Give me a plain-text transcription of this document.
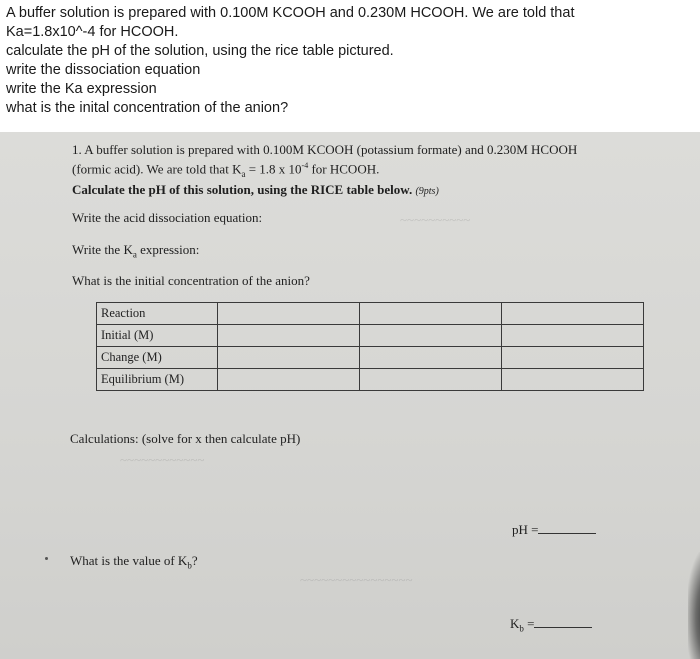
A buffer solution is prepared with 0.100M KCOOH and 0.230M HCOOH. We are told that
Ka=1.8x10^-4 for HCOOH.
calculate the pH of the solution, using the rice table pictured.
write the dissociation equation
write the Ka expression
what is the inital concentration of the anion?
~~~~~~~~~~
~~~~~~~~~~~~
~~~~~~~~~~~~~~~~
1. A buffer solution is prepared with 0.100M KCOOH (potassium formate) and 0.230M HCOOH
(formic acid). We are told that $K_a = 1.8$ x $10^{-4}$ for HCOOH.
Calculate the pH of this solution, using the RICE table below. (9pts)
Write the acid dissociation equation:
Write the $K_a$ expression:
What is the initial concentration of the anion?
Reaction			
Initial (M)			
Change (M)			
Equilibrium (M)			
Calculations: (solve for x then calculate pH)
pH =
What is the value of $K_b$?
$K_b$ =
